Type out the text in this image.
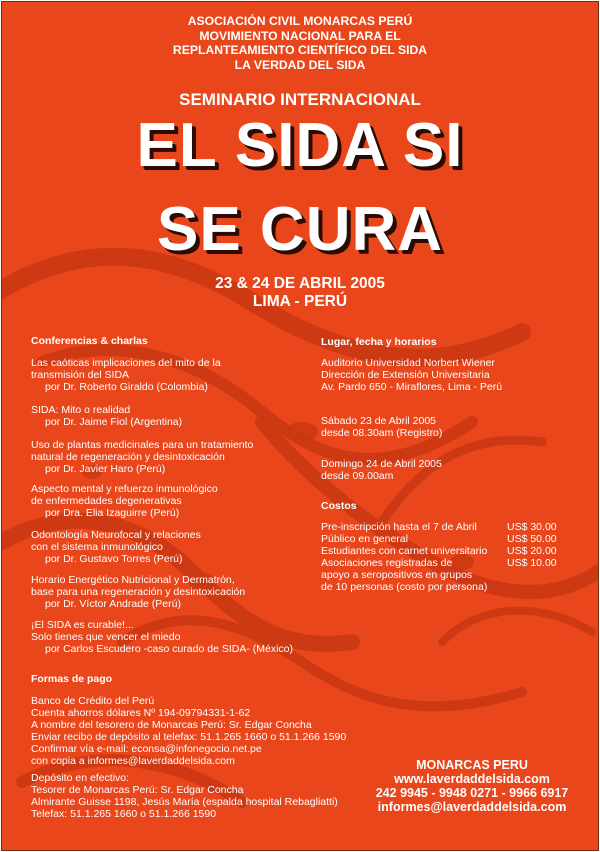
ASOCIACIÓN CIVIL MONARCAS PERÚ
MOVIMIENTO NACIONAL PARA EL
REPLANTEAMIENTO CIENTÍFICO DEL SIDA
LA VERDAD DEL SIDA
SEMINARIO INTERNACIONAL
EL SIDA SI
SE CURA
23 & 24 DE ABRIL 2005
LIMA - PERÚ
Conferencias & charlas
Las caóticas implicaciones del mito de la
transmisión del SIDA
por Dr. Roberto Giraldo (Colombia)
SIDA: Mito o realidad
por Dr. Jaime Fiol (Argentina)
Uso de plantas medicinales para un tratamiento
natural de regeneración y desintoxicación
por Dr. Javier Haro (Perú)
Aspecto mental y refuerzo inmunológico
de enfermedades degenerativas
por Dra. Elia Izaguirre (Perú)
Odontología Neurofocal y relaciones
con el sistema inmunológico
por Dr. Gustavo Torres (Perú)
Horario Energético Nutricional y Dermatrón,
base para una regeneración y desintoxicación
por Dr. Víctor Andrade (Perú)
¡El SIDA es curable!...
Solo tienes que vencer el miedo
por Carlos Escudero -caso curado de SIDA- (México)
Formas de pago
Banco de Crédito del Perú
Cuenta ahorros dólares Nº 194-09794331-1-62
A nombre del tesorero de Monarcas Perú: Sr. Edgar Concha
Enviar recibo de depósito al telefax: 51.1.265 1660 o 51.1.266 1590
Confirmar vía e-mail: econsa@infonegocio.net.pe
con copia a informes@laverdaddelsida.com
Depósito en efectivo:
Tesorer de Monarcas Perú: Sr. Edgar Concha
Almirante Guisse 1198, Jesús María (espalda hospital Rebagliatti)
Telefax: 51.1.265 1660 o 51.1.266 1590
Lugar, fecha y horarios
Auditorio Universidad Norbert Wiener
Dirección de Extensión Universitaria
Av. Pardo 650 - Miraflores, Lima - Perú
Sábado 23 de Abril 2005
desde 08.30am (Registro)
Domingo 24 de Abril 2005
desde 09.00am
Costos
Pre-inscripción hasta el 7 de Abril	US$ 30.00
Público en general	US$ 50.00
Estudiantes con carnet universitario	US$ 20.00
Asociaciones registradas de	US$ 10.00
apoyo a seropositivos en grupos
de 10 personas (costo por persona)
MONARCAS PERU
www.laverdaddelsida.com
242 9945 - 9948 0271 - 9966 6917
informes@laverdaddelsida.com
